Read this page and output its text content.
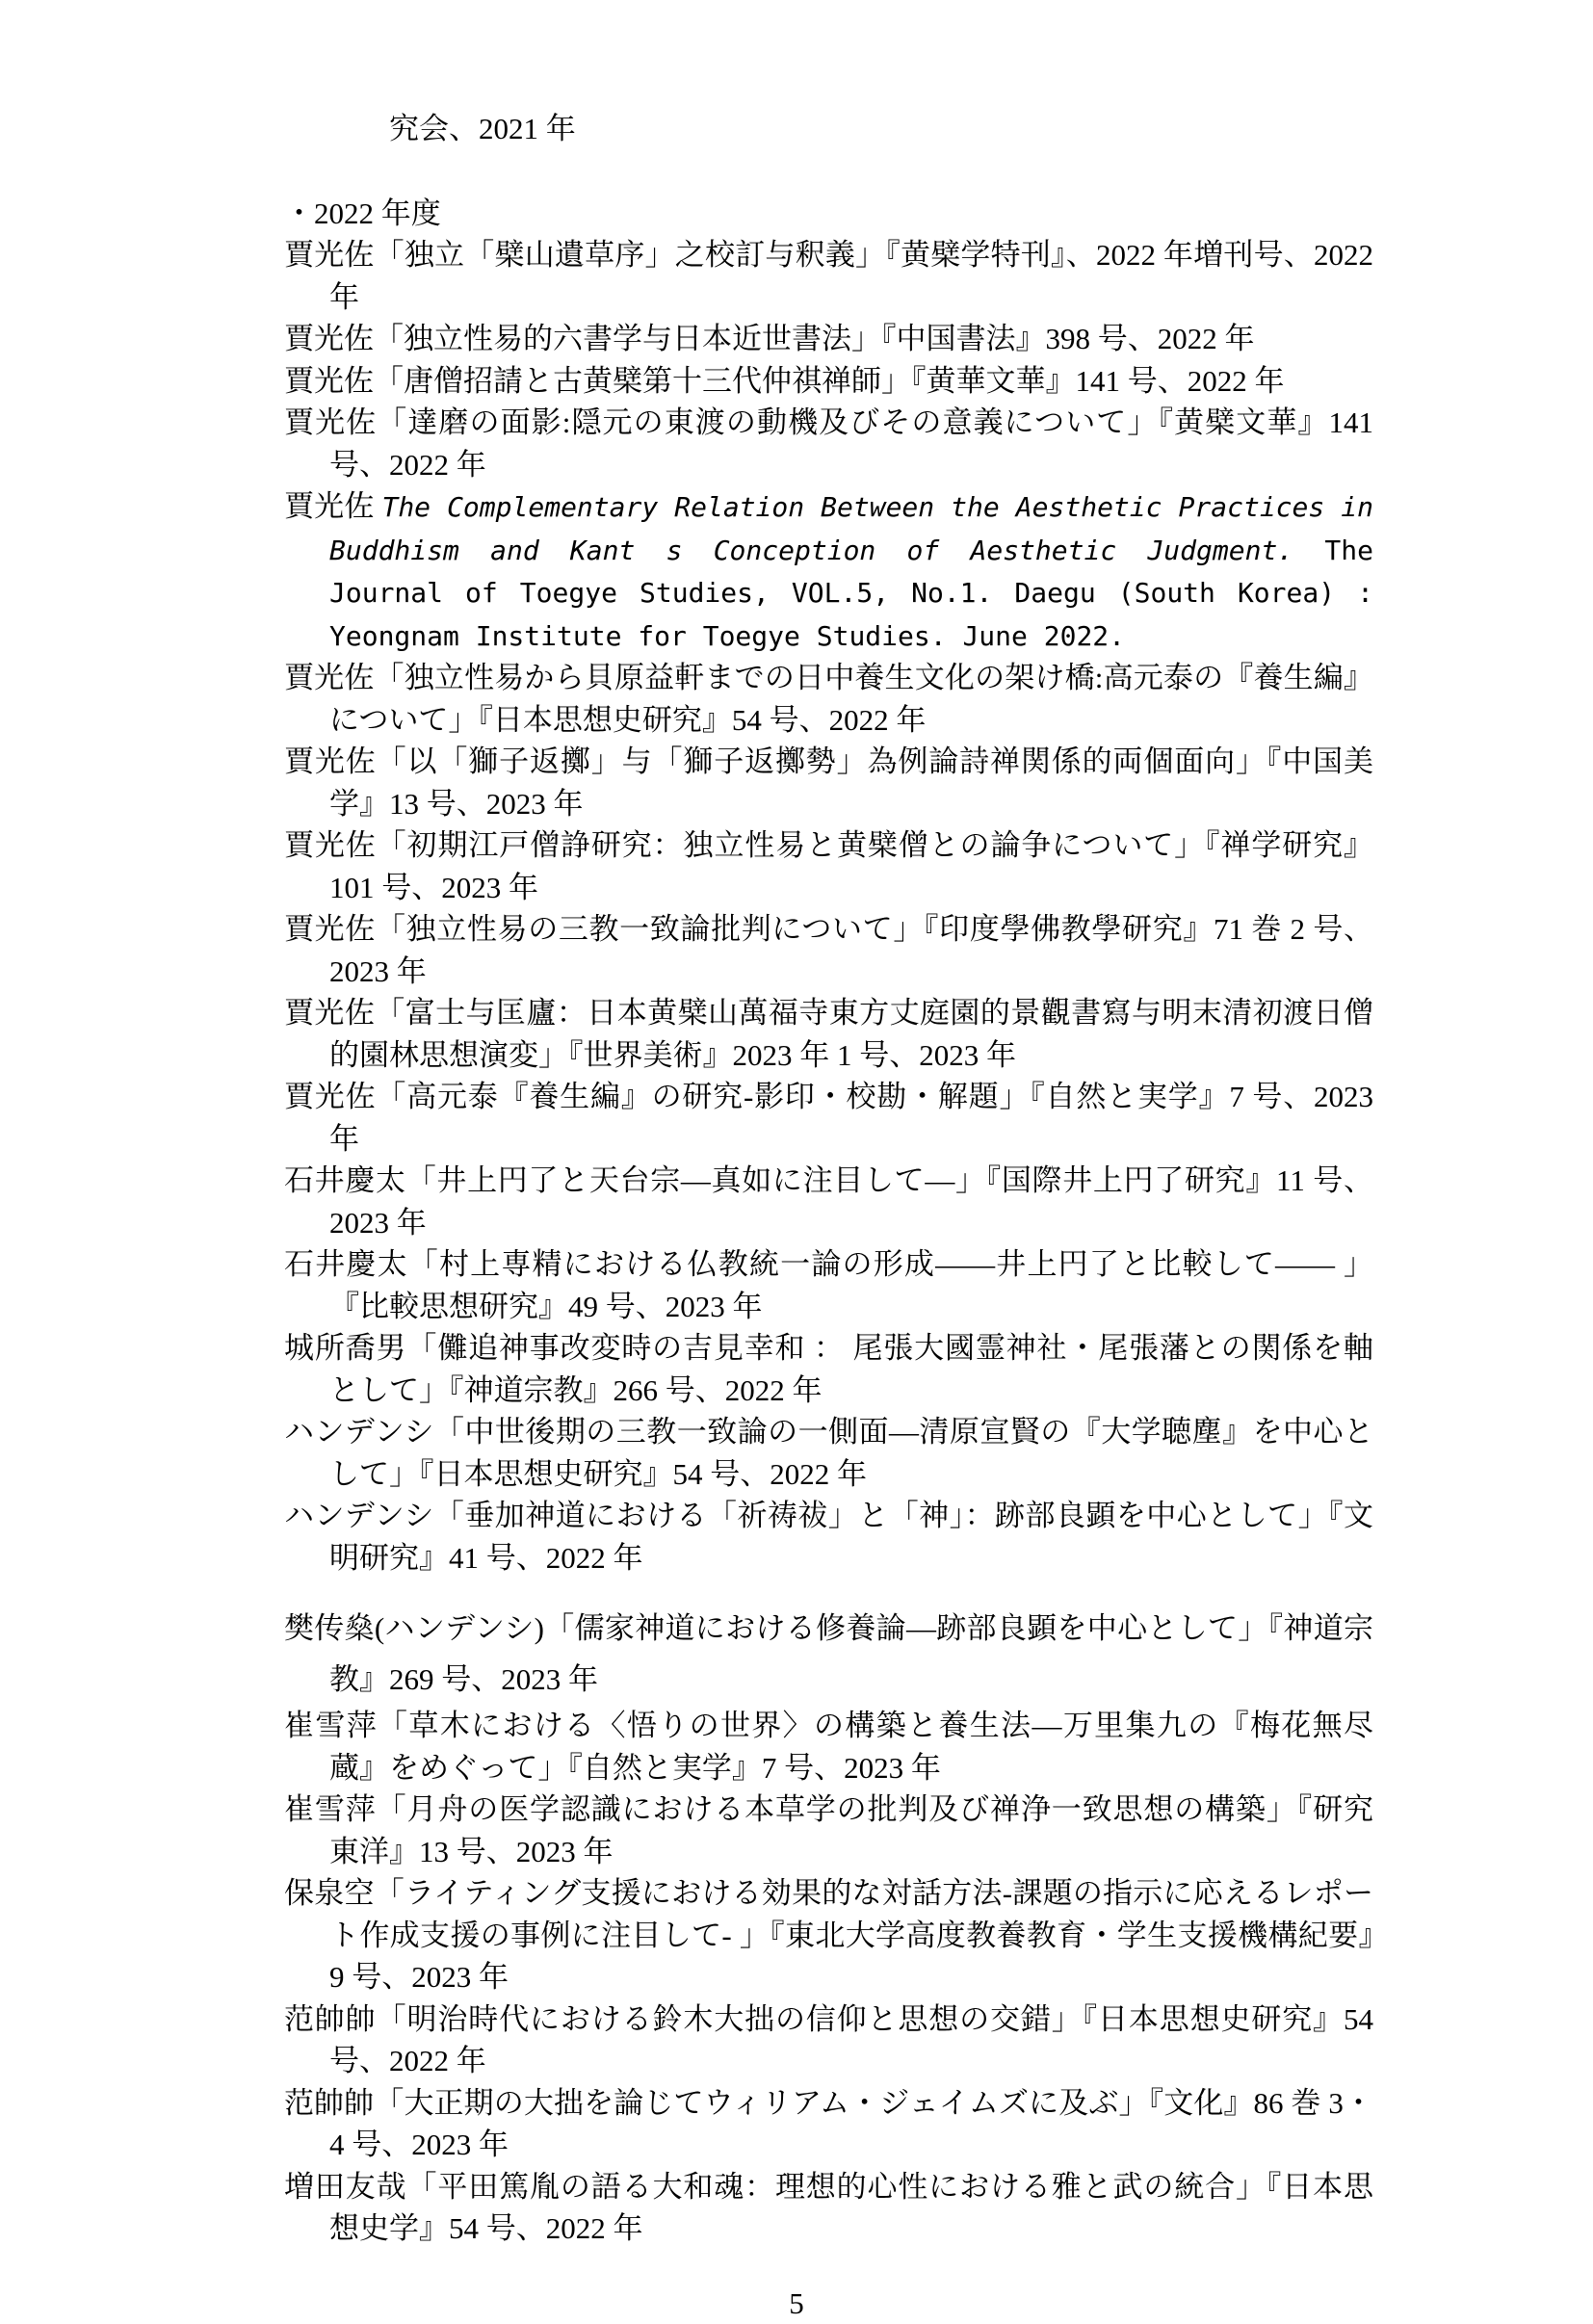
究会、2021 年

・2022 年度

賈光佐「独立「檗山遺草序」之校訂与釈義」『黄檗学特刊』、2022 年増刊号、2022 年

賈光佐「独立性易的六書学与日本近世書法」『中国書法』398 号、2022 年

賈光佐「唐僧招請と古黄檗第十三代仲祺禅師」『黄華文華』141 号、2022 年

賈光佐「達磨の面影:隠元の東渡の動機及びその意義について」『黄檗文華』141 号、2022 年

賈光佐 The Complementary Relation Between the Aesthetic Practices in Buddhism and Kant s Conception of Aesthetic Judgment. The Journal of Toegye Studies, VOL.5, No.1. Daegu (South Korea) : Yeongnam Institute for Toegye Studies. June 2022.

賈光佐「独立性易から貝原益軒までの日中養生文化の架け橋:高元泰の『養生編』について」『日本思想史研究』54 号、2022 年

賈光佐「以「獅子返擲」与「獅子返擲勢」為例論詩禅関係的両個面向」『中国美学』13 号、2023 年

賈光佐「初期江戸僧諍研究：独立性易と黄檗僧との論争について」『禅学研究』101 号、2023 年

賈光佐「独立性易の三教一致論批判について」『印度學佛教學研究』71 巻 2 号、2023 年

賈光佐「富士与匡廬：日本黄檗山萬福寺東方丈庭園的景觀書寫与明末清初渡日僧的園林思想演変」『世界美術』2023 年 1 号、2023 年

賈光佐「高元泰『養生編』の研究-影印・校勘・解題」『自然と実学』7 号、2023 年

石井慶太「井上円了と天台宗―真如に注目して―」『国際井上円了研究』11 号、2023 年

石井慶太「村上専精における仏教統一論の形成――井上円了と比較して―― 」『比較思想研究』49 号、2023 年

城所喬男「儺追神事改変時の吉見幸和 ： 尾張大國霊神社・尾張藩との関係を軸として」『神道宗教』266 号、2022 年

ハンデンシ「中世後期の三教一致論の一側面―清原宣賢の『大学聴塵』を中心として」『日本思想史研究』54 号、2022 年

ハンデンシ「垂加神道における「祈祷祓」と「神」：跡部良顕を中心として」『文明研究』41 号、2022 年

樊传燊(ハンデンシ)「儒家神道における修養論―跡部良顕を中心として」『神道宗教』269 号、2023 年

崔雪萍「草木における〈悟りの世界〉の構築と養生法―万里集九の『梅花無尽蔵』をめぐって」『自然と実学』7 号、2023 年

崔雪萍「月舟の医学認識における本草学の批判及び禅浄一致思想の構築」『研究東洋』13 号、2023 年

保泉空「ライティング支援における効果的な対話方法-課題の指示に応えるレポート作成支援の事例に注目して- 」『東北大学高度教養教育・学生支援機構紀要』9 号、2023 年

范帥帥「明治時代における鈴木大拙の信仰と思想の交錯」『日本思想史研究』54 号、2022 年

范帥帥「大正期の大拙を論じてウィリアム・ジェイムズに及ぶ」『文化』86 巻 3・4 号、2023 年

増田友哉「平田篤胤の語る大和魂：理想的心性における雅と武の統合」『日本思想史学』54 号、2022 年

5
